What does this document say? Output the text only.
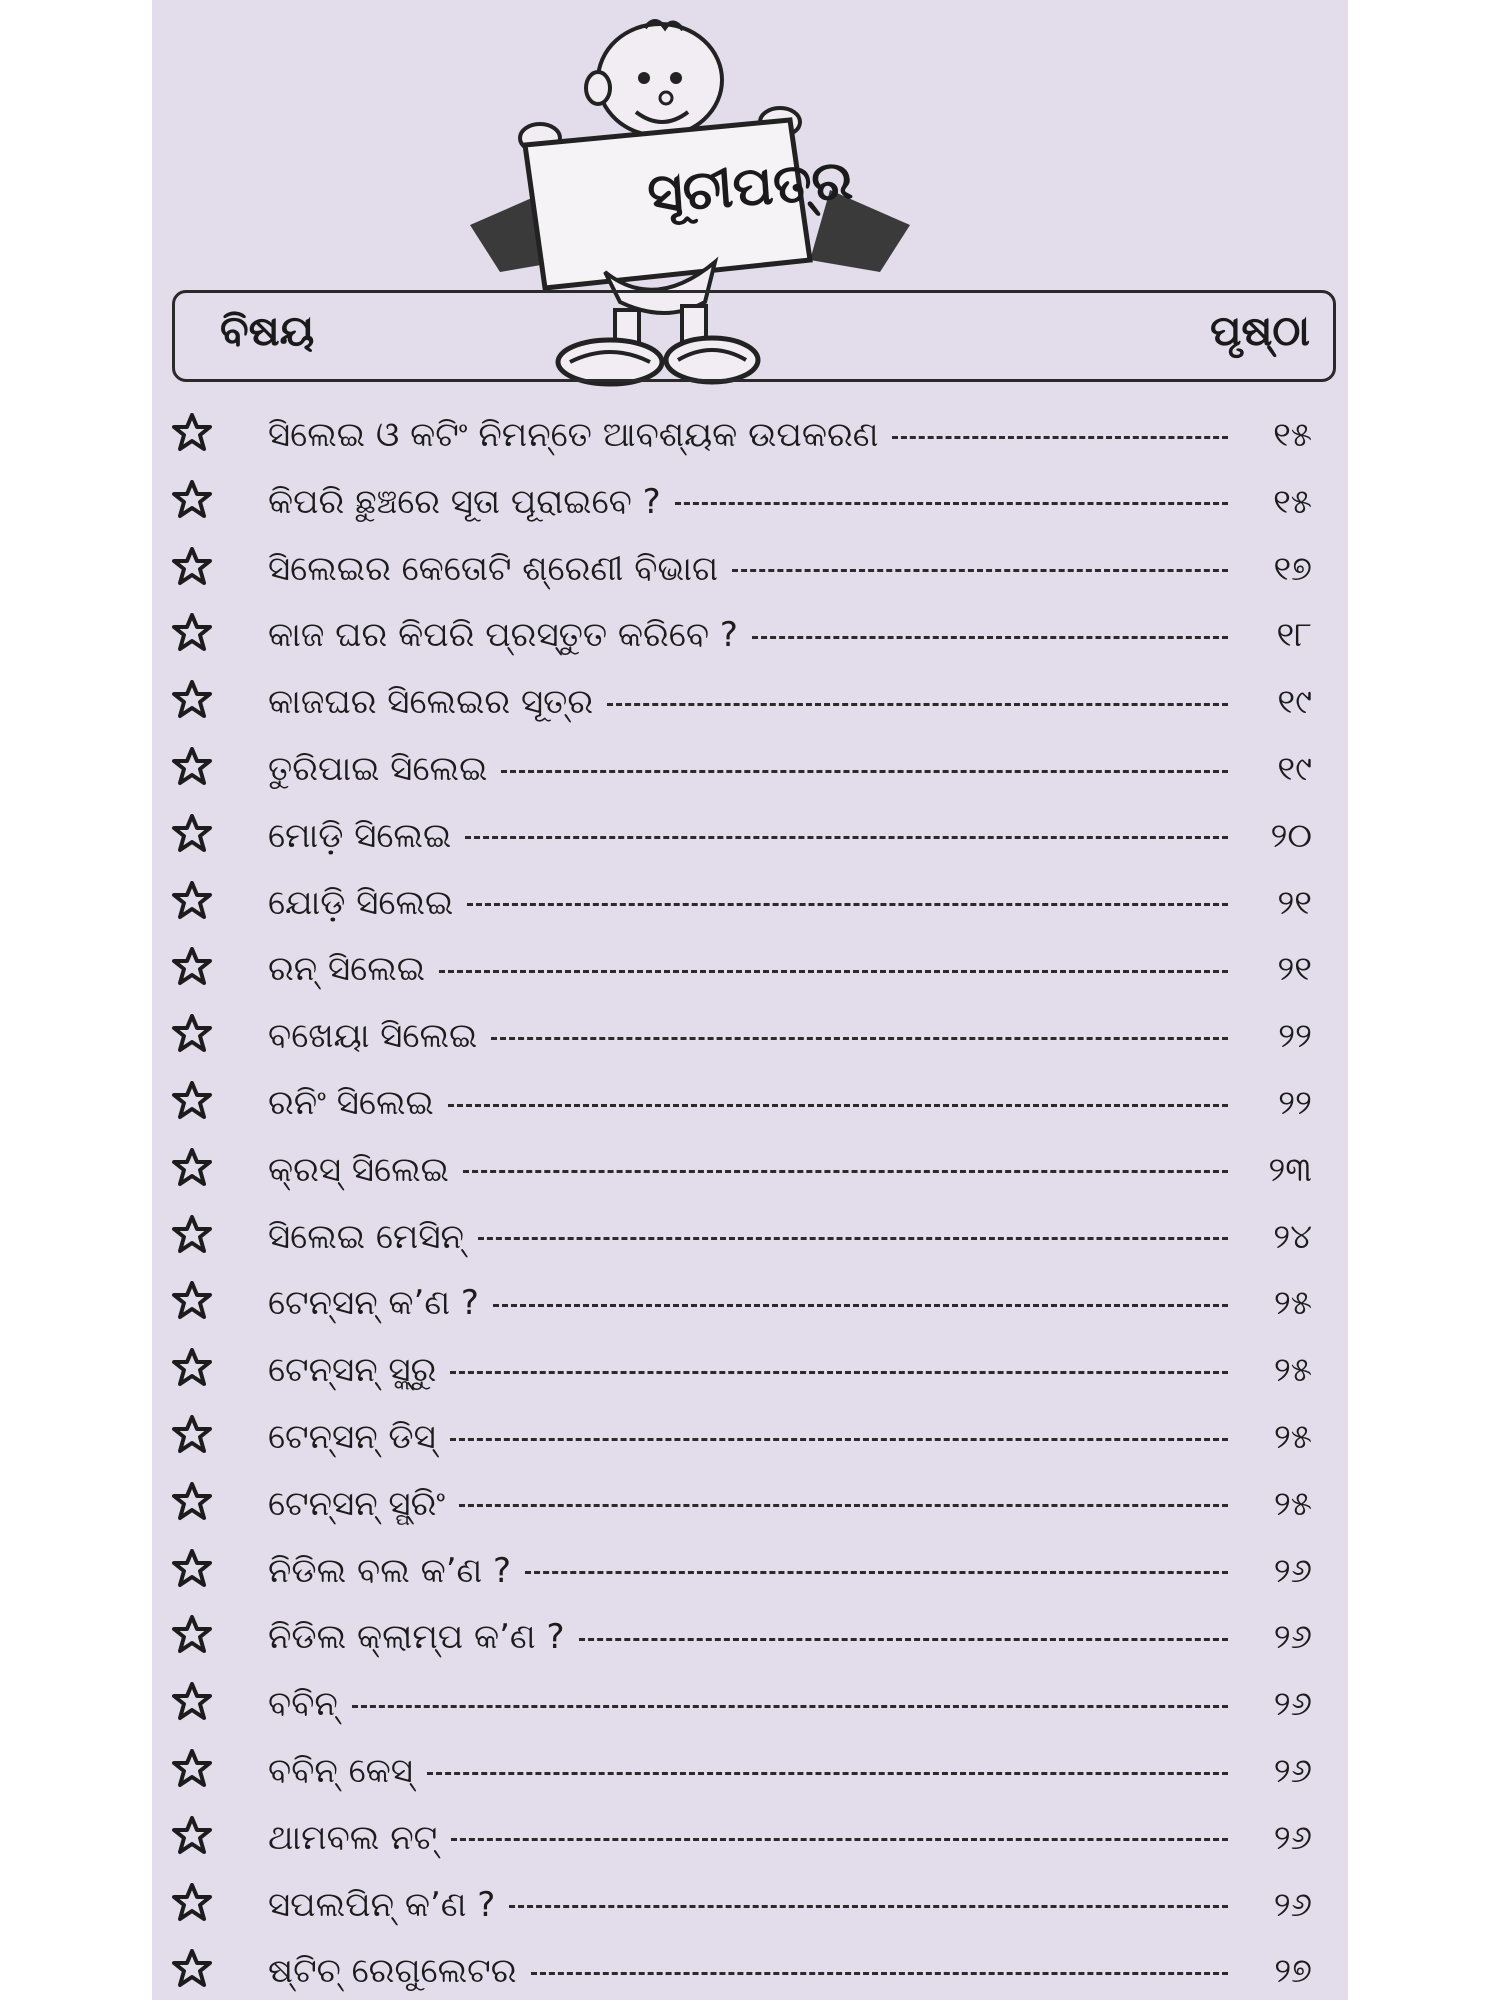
ସୂଚୀପତ୍ର
ବିଷୟ	ପୃଷ୍ଠା
ସିଲେଇ ଓ କଟିଂ ନିମନ୍ତେ ଆବଶ୍ୟକ ଉପକରଣ	୧୫
କିପରି ଛୁଞ୍ଚରେ ସୂତା ପୂରାଇବେ ?	୧୫
ସିଲେଇର କେତୋଟି ଶ୍ରେଣୀ ବିଭାଗ	୧୭
କାଜ ଘର କିପରି ପ୍ରସ୍ତୁତ କରିବେ ?	୧୮
କାଜଘର ସିଲେଇର ସୂତ୍ର	୧୯
ତୁରିପାଇ ସିଲେଇ	୧୯
ମୋଡ଼ି ସିଲେଇ	୨୦
ଯୋଡ଼ି ସିଲେଇ	୨୧
ରନ୍ ସିଲେଇ	୨୧
ବଖେୟା ସିଲେଇ	୨୨
ରନିଂ ସିଲେଇ	୨୨
କ୍ରସ୍ ସିଲେଇ	୨୩
ସିଲେଇ ମେସିନ୍	୨୪
ଟେନ୍‌ସନ୍ କ’ଣ ?	୨୫
ଟେନ୍‌ସନ୍ ସ୍କ୍ରୁ	୨୫
ଟେନ୍‌ସନ୍ ଡିସ୍	୨୫
ଟେନ୍‌ସନ୍ ସ୍ପ୍ରିଂ	୨୫
ନିଡିଲ ବଲ କ’ଣ ?	୨୬
ନିଡିଲ କ୍ଲାମ୍ପ କ’ଣ ?	୨୬
ବବିନ୍	୨୬
ବବିନ୍ କେସ୍	୨୬
ଥାମବଲ ନଟ୍	୨୬
ସପଲପିନ୍ କ’ଣ ?	୨୬
ଷ୍ଟିଚ୍ ରେଗୁଲେଟର	୨୭
